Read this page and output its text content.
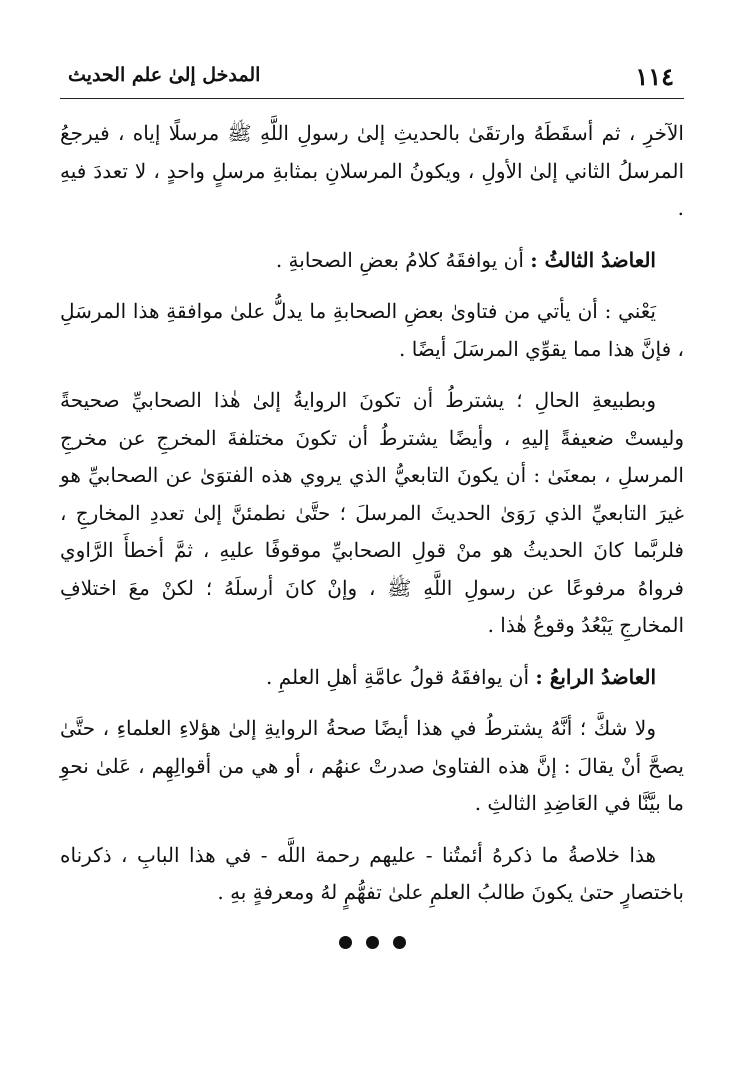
١١٤
المدخل إلىٰ علم الحديث

الآخرِ ، ثم أسقَطَهُ وارتقَىٰ بالحديثِ إلىٰ رسولِ اللَّهِ ﷺ مرسلًا إياه ، فيرجعُ المرسلُ الثاني إلىٰ الأولِ ، ويكونُ المرسلانِ بمثابةِ مرسلٍ واحدٍ ، لا تعددَ فيهِ .

العاضدُ الثالثُ : أن يوافقَهُ كلامُ بعضِ الصحابةِ .

يَعْني : أن يأتي من فتاوىٰ بعضِ الصحابةِ ما يدلُّ علىٰ موافقةِ هذا المرسَلِ ، فإنَّ هذا مما يقوِّي المرسَلَ أيضًا .

وبطبيعةِ الحالِ ؛ يشترطُ أن تكونَ الروايةُ إلىٰ هٰذا الصحابيِّ صحيحةً وليستْ ضعيفةً إليهِ ، وأيضًا يشترطُ أن تكونَ مختلفةَ المخرجِ عن مخرجِ المرسلِ ، بمعنَىٰ : أن يكونَ التابعيُّ الذي يروي هذه الفتوَىٰ عن الصحابيِّ هو غيرَ التابعيِّ الذي رَوَىٰ الحديثَ المرسلَ ؛ حتَّىٰ نطمئنَّ إلىٰ تعددِ المخارجِ ، فلربَّما كانَ الحديثُ هو منْ قولِ الصحابيِّ موقوفًا عليهِ ، ثمَّ أخطأَ الرَّاوي فرواهُ مرفوعًا عن رسولِ اللَّهِ ﷺ ، وإنْ كانَ أرسلَهُ ؛ لكنْ معَ اختلافِ المخارجِ يَبْعُدُ وقوعُ هٰذا .

العاضدُ الرابعُ : أن يوافقَهُ قولُ عامَّةِ أهلِ العلمِ .

ولا شكَّ ؛ أنَّهُ يشترطُ في هذا أيضًا صحةُ الروايةِ إلىٰ هؤلاءِ العلماءِ ، حتَّىٰ يصحَّ أنْ يقالَ : إنَّ هذه الفتاوىٰ صدرتْ عنهُم ، أو هي من أقوالِهِم ، عَلىٰ نحوِ ما بيَّنَّا في العَاضِدِ الثالثِ .

هذا خلاصةُ ما ذكرهُ أئمتُنا - عليهم رحمة اللَّه - في هذا البابِ ، ذكرناه باختصارٍ حتىٰ يكونَ طالبُ العلمِ علىٰ تفهُّمٍ لهُ ومعرفةٍ بهِ .
